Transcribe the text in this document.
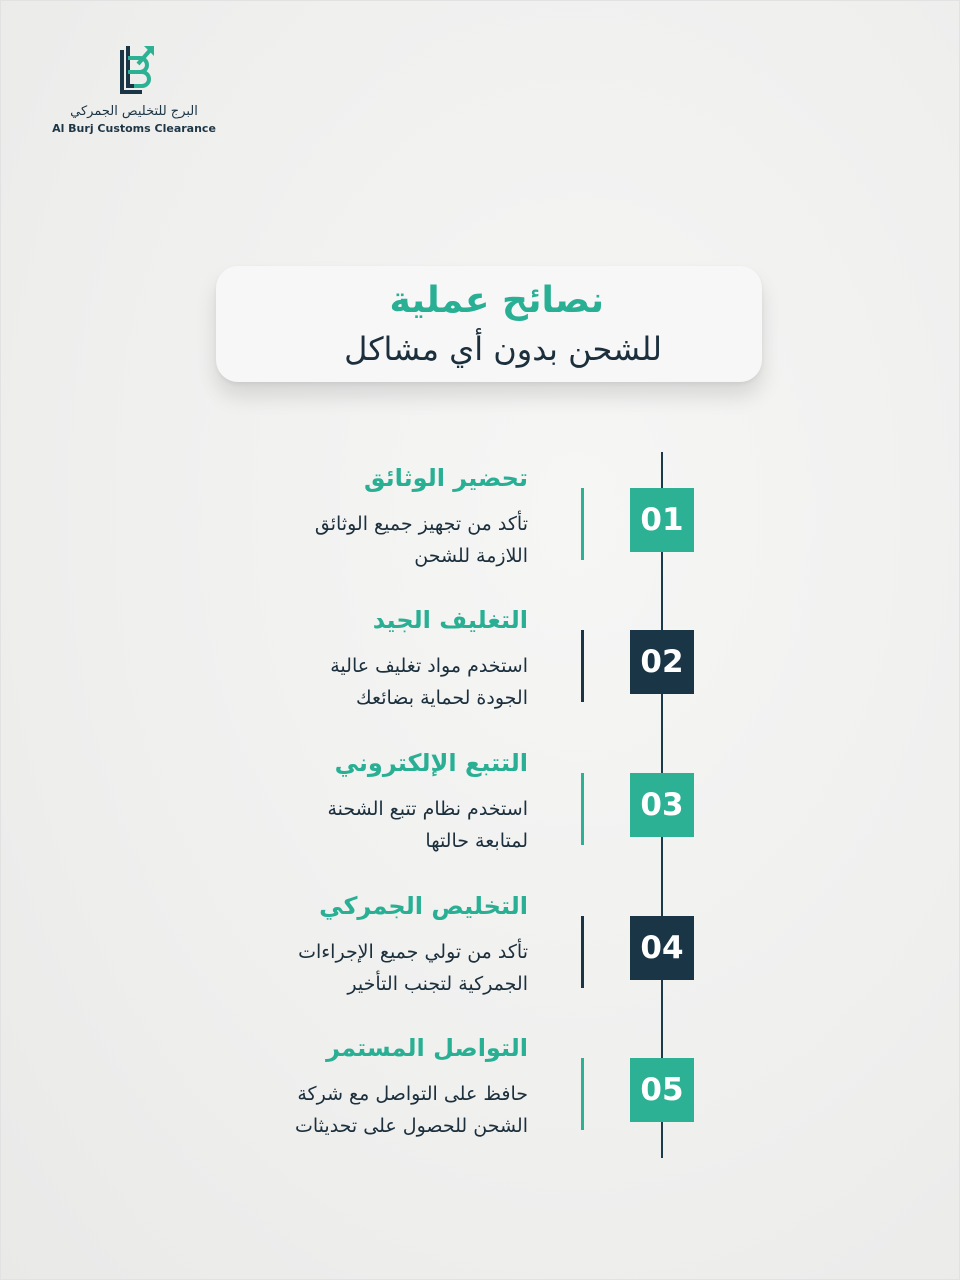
البرج للتخليص الجمركي
Al Burj Customs Clearance
نصائح عملية
للشحن بدون أي مشاكل
01
تحضير الوثائق
تأكد من تجهيز جميع الوثائق
اللازمة للشحن
02
التغليف الجيد
استخدم مواد تغليف عالية
الجودة لحماية بضائعك
03
التتبع الإلكتروني
استخدم نظام تتبع الشحنة
لمتابعة حالتها
04
التخليص الجمركي
تأكد من تولي جميع الإجراءات
الجمركية لتجنب التأخير
05
التواصل المستمر
حافظ على التواصل مع شركة
الشحن للحصول على تحديثات
